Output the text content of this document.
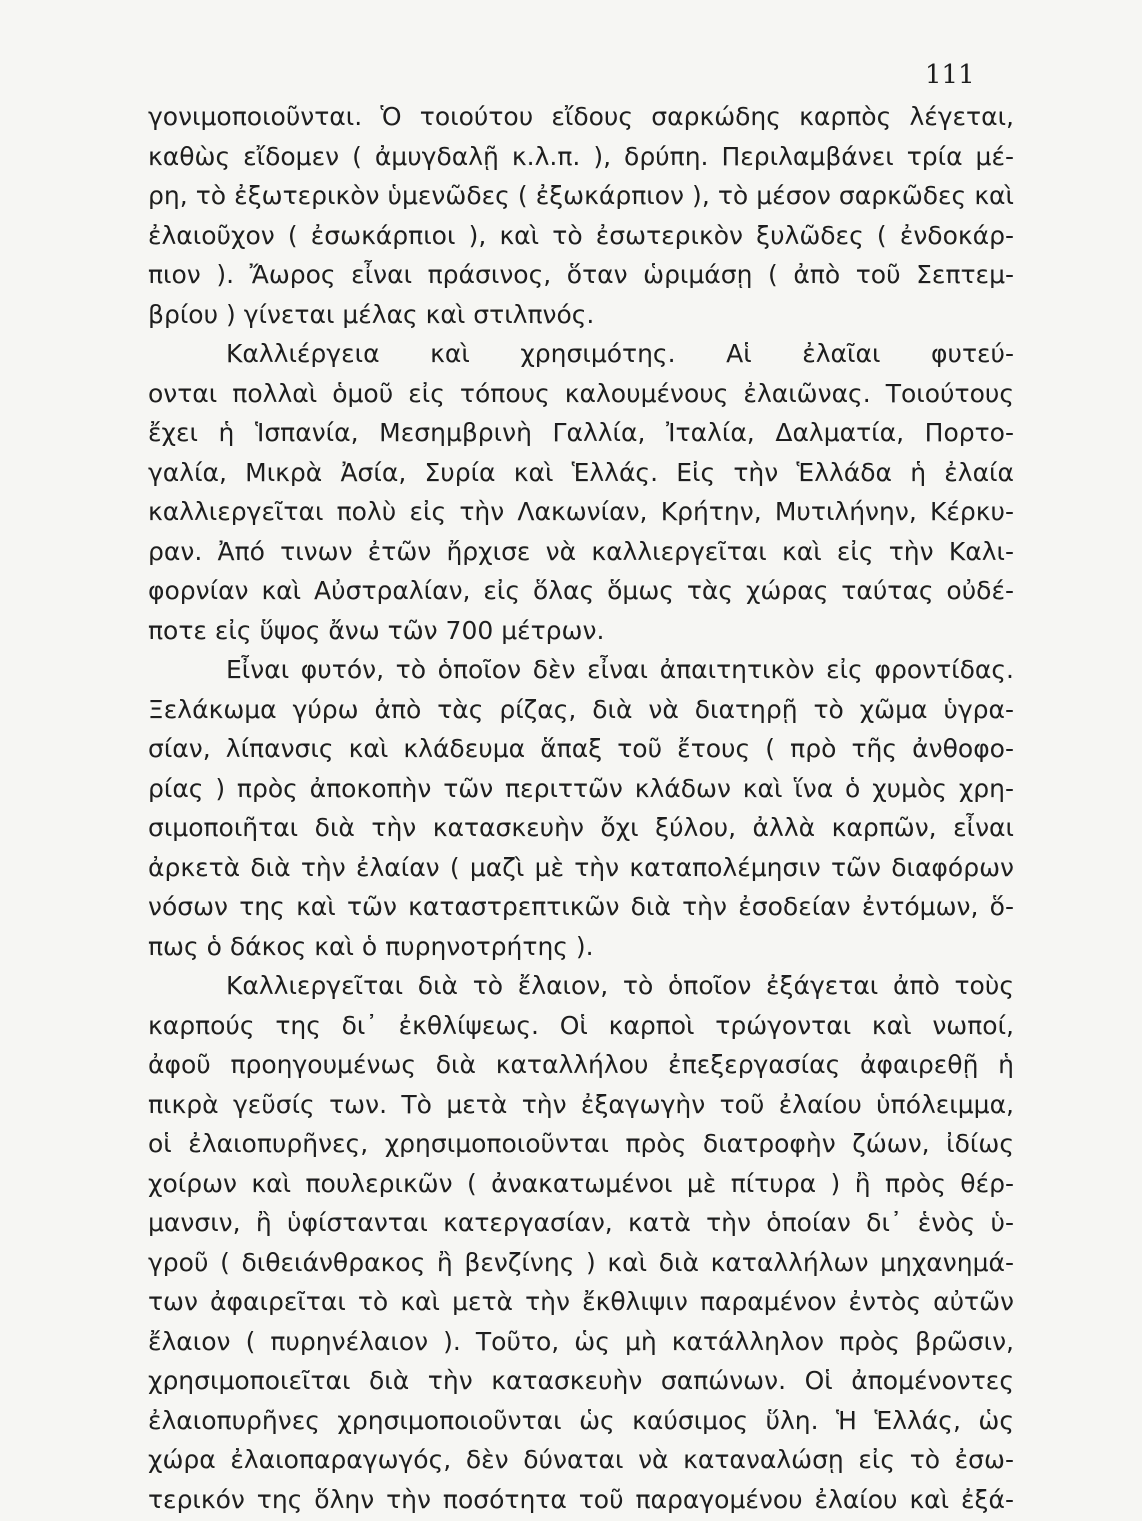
111
γονιμοποιοῦνται. Ὁ τοιούτου εἴδους σαρκώδης καρπὸς λέγεται,
καθὼς εἴδομεν ( ἀμυγδαλῇ κ.λ.π. ), δρύπη. Περιλαμβάνει τρία μέ-
ρη, τὸ ἐξωτερικὸν ὑμενῶδες ( ἐξωκάρπιον ), τὸ μέσον σαρκῶδες καὶ
ἐλαιοῦχον ( ἐσωκάρπιοι ), καὶ τὸ ἐσωτερικὸν ξυλῶδες ( ἐνδοκάρ-
πιον ). Ἄωρος εἶναι πράσινος, ὅταν ὡριμάσῃ ( ἀπὸ τοῦ Σεπτεμ-
βρίου ) γίνεται μέλας καὶ στιλπνός.
Καλλιέργεια καὶ χρησιμότης. Αἱ ἐλαῖαι φυτεύ-
ονται πολλαὶ ὁμοῦ εἰς τόπους καλουμένους ἐλαιῶνας. Τοιούτους
ἔχει ἡ Ἱσπανία, Μεσημβρινὴ Γαλλία, Ἰταλία, Δαλματία, Πορτο-
γαλία, Μικρὰ Ἀσία, Συρία καὶ Ἑλλάς. Εἰς τὴν Ἑλλάδα ἡ ἐλαία
καλλιεργεῖται πολὺ εἰς τὴν Λακωνίαν, Κρήτην, Μυτιλήνην, Κέρκυ-
ραν. Ἀπό τινων ἐτῶν ἤρχισε νὰ καλλιεργεῖται καὶ εἰς τὴν Καλι-
φορνίαν καὶ Αὐστραλίαν, εἰς ὅλας ὅμως τὰς χώρας ταύτας οὐδέ-
ποτε εἰς ὕψος ἄνω τῶν 700 μέτρων.
Εἶναι φυτόν, τὸ ὁποῖον δὲν εἶναι ἀπαιτητικὸν εἰς φροντίδας.
Ξελάκωμα γύρω ἀπὸ τὰς ρίζας, διὰ νὰ διατηρῇ τὸ χῶμα ὑγρα-
σίαν, λίπανσις καὶ κλάδευμα ἅπαξ τοῦ ἔτους ( πρὸ τῆς ἀνθοφο-
ρίας ) πρὸς ἀποκοπὴν τῶν περιττῶν κλάδων καὶ ἵνα ὁ χυμὸς χρη-
σιμοποιῆται διὰ τὴν κατασκευὴν ὄχι ξύλου, ἀλλὰ καρπῶν, εἶναι
ἀρκετὰ διὰ τὴν ἐλαίαν ( μαζὶ μὲ τὴν καταπολέμησιν τῶν διαφόρων
νόσων της καὶ τῶν καταστρεπτικῶν διὰ τὴν ἐσοδείαν ἐντόμων, ὅ-
πως ὁ δάκος καὶ ὁ πυρηνοτρήτης ).
Καλλιεργεῖται διὰ τὸ ἔλαιον, τὸ ὁποῖον ἐξάγεται ἀπὸ τοὺς
καρπούς της δι᾽ ἐκθλίψεως. Οἱ καρποὶ τρώγονται καὶ νωποί,
ἀφοῦ προηγουμένως διὰ καταλλήλου ἐπεξεργασίας ἀφαιρεθῇ ἡ
πικρὰ γεῦσίς των. Τὸ μετὰ τὴν ἐξαγωγὴν τοῦ ἐλαίου ὑπόλειμμα,
οἱ ἐλαιοπυρῆνες, χρησιμοποιοῦνται πρὸς διατροφὴν ζώων, ἰδίως
χοίρων καὶ πουλερικῶν ( ἀνακατωμένοι μὲ πίτυρα ) ἢ πρὸς θέρ-
μανσιν, ἢ ὑφίστανται κατεργασίαν, κατὰ τὴν ὁποίαν δι᾽ ἑνὸς ὑ-
γροῦ ( διθειάνθρακος ἢ βενζίνης ) καὶ διὰ καταλλήλων μηχανημά-
των ἀφαιρεῖται τὸ καὶ μετὰ τὴν ἔκθλιψιν παραμένον ἐντὸς αὐτῶν
ἔλαιον ( πυρηνέλαιον ). Τοῦτο, ὡς μὴ κατάλληλον πρὸς βρῶσιν,
χρησιμοποιεῖται διὰ τὴν κατασκευὴν σαπώνων. Οἱ ἀπομένοντες
ἐλαιοπυρῆνες χρησιμοποιοῦνται ὡς καύσιμος ὕλη. Ἡ Ἑλλάς, ὡς
χώρα ἐλαιοπαραγωγός, δὲν δύναται νὰ καταναλώσῃ εἰς τὸ ἐσω-
τερικόν της ὅλην τὴν ποσότητα τοῦ παραγομένου ἐλαίου καὶ ἐξά-
